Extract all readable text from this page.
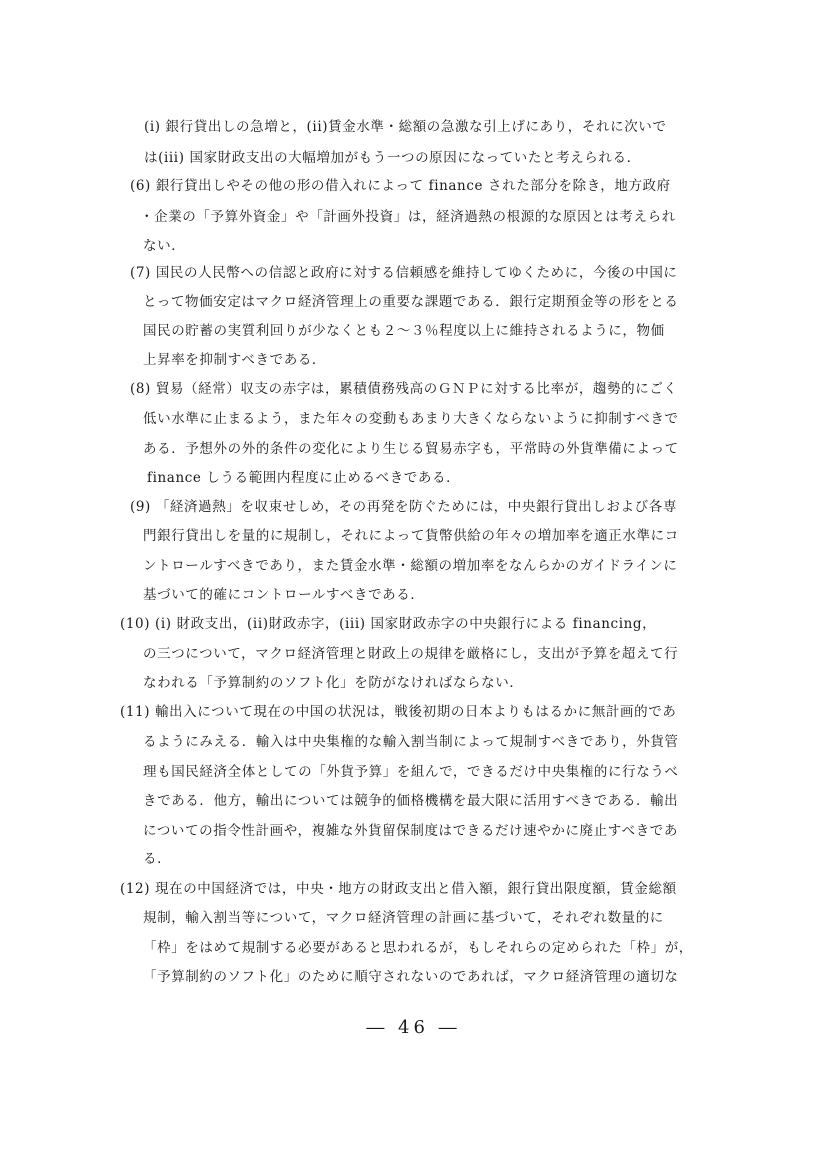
(i) 銀行貸出しの急増と，(ii)賃金水準・総額の急激な引上げにあり，それに次いで
は(iii) 国家財政支出の大幅増加がもう一つの原因になっていたと考えられる．
(6) 銀行貸出しやその他の形の借入れによって finance された部分を除き，地方政府
・企業の「予算外資金」や「計画外投資」は，経済過熱の根源的な原因とは考えられ
ない．
(7) 国民の人民幣への信認と政府に対する信頼感を維持してゆくために，今後の中国に
とって物価安定はマクロ経済管理上の重要な課題である．銀行定期預金等の形をとる
国民の貯蓄の実質利回りが少なくとも２～３％程度以上に維持されるように，物価
上昇率を抑制すべきである．
(8) 貿易（経常）収支の赤字は，累積債務残高のＧＮＰに対する比率が，趨勢的にごく
低い水準に止まるよう，また年々の変動もあまり大きくならないように抑制すべきで
ある．予想外の外的条件の変化により生じる貿易赤字も，平常時の外貨準備によって
finance しうる範囲内程度に止めるべきである．
(9) 「経済過熱」を収束せしめ，その再発を防ぐためには，中央銀行貸出しおよび各専
門銀行貸出しを量的に規制し，それによって貨幣供給の年々の増加率を適正水準にコ
ントロールすべきであり，また賃金水準・総額の増加率をなんらかのガイドラインに
基づいて的確にコントロールすべきである．
(10) (i) 財政支出，(ii)財政赤字，(iii) 国家財政赤字の中央銀行による financing，
の三つについて，マクロ経済管理と財政上の規律を厳格にし，支出が予算を超えて行
なわれる「予算制約のソフト化」を防がなければならない．
(11) 輸出入について現在の中国の状況は，戦後初期の日本よりもはるかに無計画的であ
るようにみえる．輸入は中央集権的な輸入割当制によって規制すべきであり，外貨管
理も国民経済全体としての「外貨予算」を組んで，できるだけ中央集権的に行なうべ
きである．他方，輸出については競争的価格機構を最大限に活用すべきである．輸出
についての指令性計画や，複雑な外貨留保制度はできるだけ速やかに廃止すべきであ
る．
(12) 現在の中国経済では，中央・地方の財政支出と借入額，銀行貸出限度額，賃金総額
規制，輸入割当等について，マクロ経済管理の計画に基づいて，それぞれ数量的に
「枠」をはめて規制する必要があると思われるが，もしそれらの定められた「枠」が，
「予算制約のソフト化」のために順守されないのであれば，マクロ経済管理の適切な
― 46 ―
